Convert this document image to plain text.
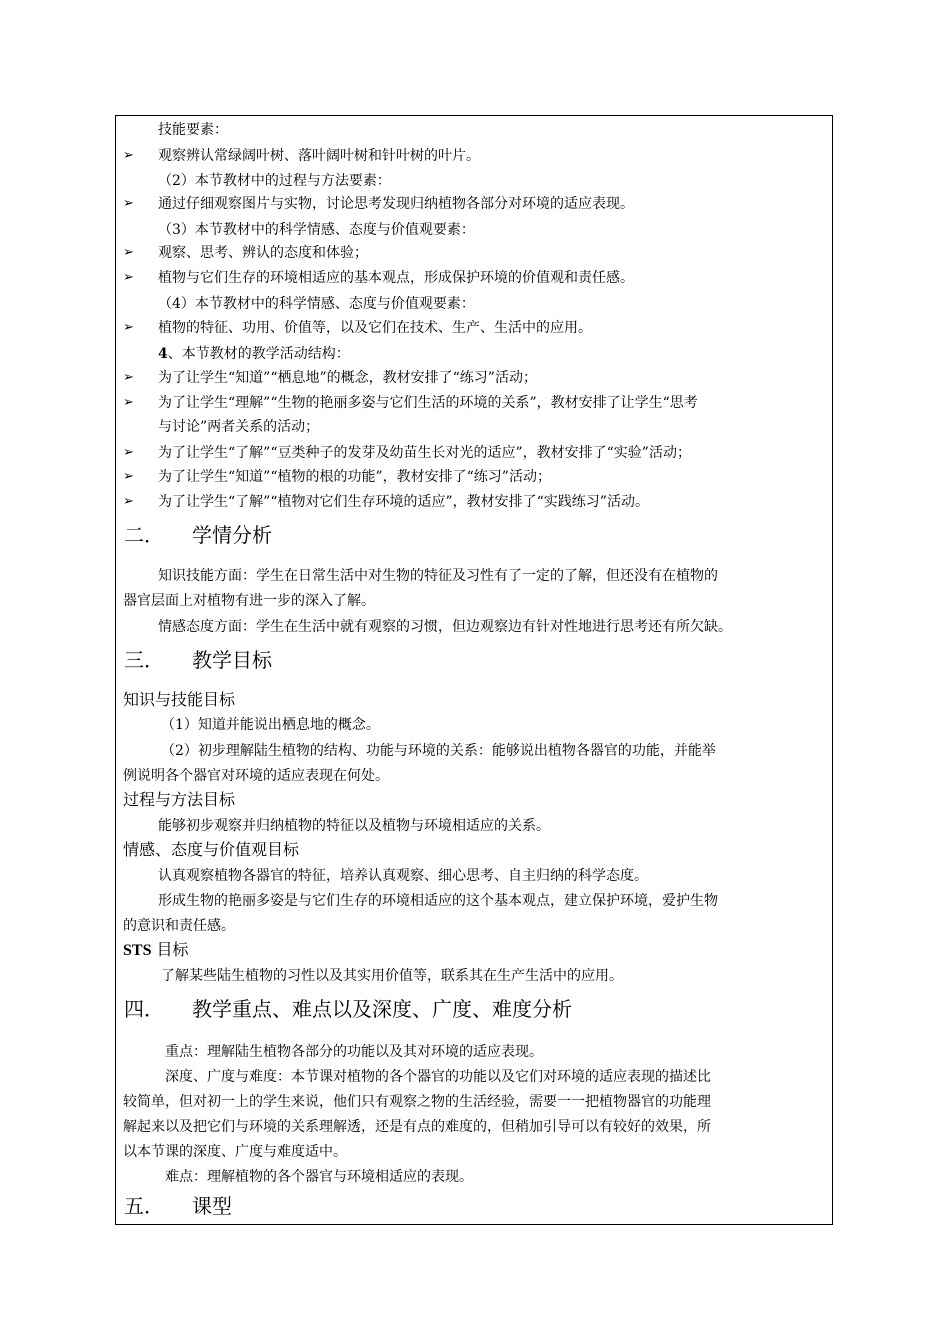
技能要素：
➢ 观察辨认常绿阔叶树、落叶阔叶树和针叶树的叶片。
（2）本节教材中的过程与方法要素：
➢ 通过仔细观察图片与实物，讨论思考发现归纳植物各部分对环境的适应表现。
（3）本节教材中的科学情感、态度与价值观要素：
➢ 观察、思考、辨认的态度和体验；
➢ 植物与它们生存的环境相适应的基本观点，形成保护环境的价值观和责任感。
（4）本节教材中的科学情感、态度与价值观要素：
➢ 植物的特征、功用、价值等，以及它们在技术、生产、生活中的应用。
4、本节教材的教学活动结构：
➢ 为了让学生“知道”“栖息地”的概念，教材安排了“练习”活动；
➢ 为了让学生“理解”“生物的艳丽多姿与它们生活的环境的关系”，教材安排了让学生“思考
与讨论”两者关系的活动；
➢ 为了让学生“了解”“豆类种子的发芽及幼苗生长对光的适应”，教材安排了“实验”活动；
➢ 为了让学生“知道”“植物的根的功能”，教材安排了“练习”活动；
➢ 为了让学生“了解”“植物对它们生存环境的适应”，教材安排了“实践练习”活动。
二． 学情分析
知识技能方面：学生在日常生活中对生物的特征及习性有了一定的了解，但还没有在植物的
器官层面上对植物有进一步的深入了解。
情感态度方面：学生在生活中就有观察的习惯，但边观察边有针对性地进行思考还有所欠缺。
三． 教学目标
知识与技能目标
（1）知道并能说出栖息地的概念。
（2）初步理解陆生植物的结构、功能与环境的关系：能够说出植物各器官的功能，并能举
例说明各个器官对环境的适应表现在何处。
过程与方法目标
能够初步观察并归纳植物的特征以及植物与环境相适应的关系。
情感、态度与价值观目标
认真观察植物各器官的特征，培养认真观察、细心思考、自主归纳的科学态度。
形成生物的艳丽多姿是与它们生存的环境相适应的这个基本观点，建立保护环境，爱护生物
的意识和责任感。
STS 目标
了解某些陆生植物的习性以及其实用价值等，联系其在生产生活中的应用。
四． 教学重点、难点以及深度、广度、难度分析
重点：理解陆生植物各部分的功能以及其对环境的适应表现。
深度、广度与难度：本节课对植物的各个器官的功能以及它们对环境的适应表现的描述比
较简单，但对初一上的学生来说，他们只有观察之物的生活经验，需要一一把植物器官的功能理
解起来以及把它们与环境的关系理解透，还是有点的难度的，但稍加引导可以有较好的效果，所
以本节课的深度、广度与难度适中。
难点：理解植物的各个器官与环境相适应的表现。
五． 课型
